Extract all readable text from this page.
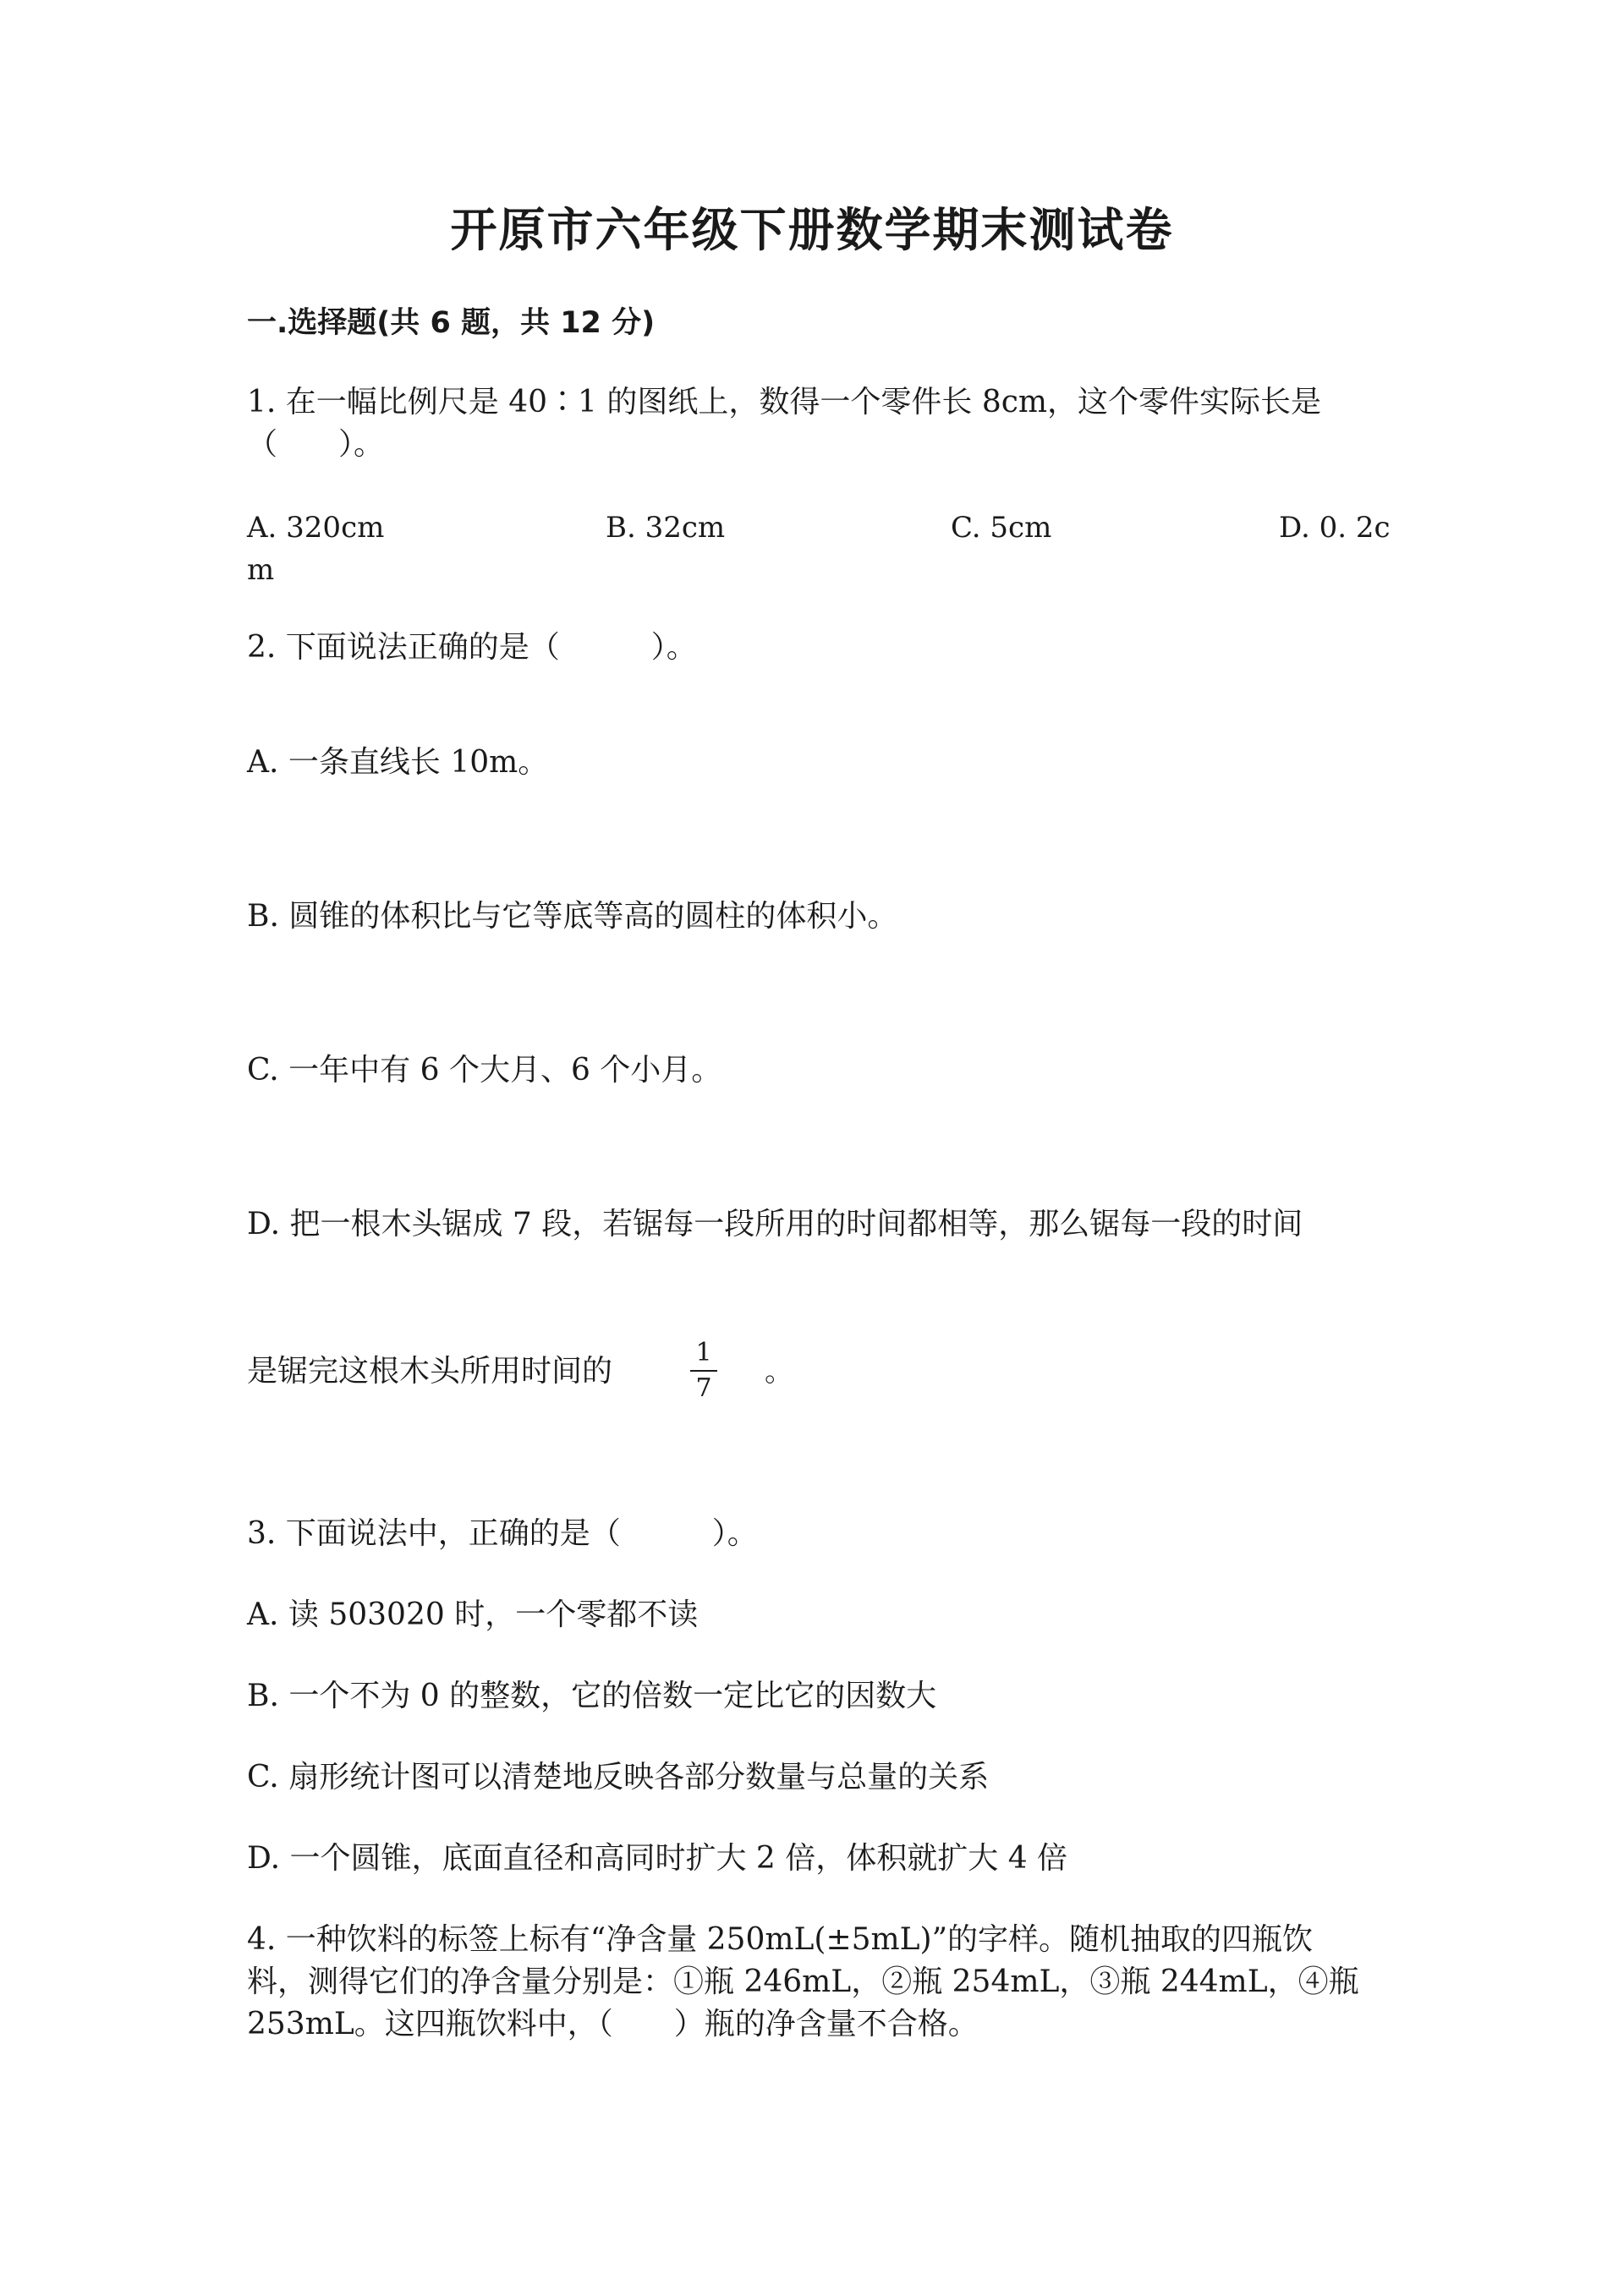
开原市六年级下册数学期末测试卷
一.选择题(共 6 题，共 12 分)
1. 在一幅比例尺是 40∶1 的图纸上，数得一个零件长 8cm，这个零件实际长是
（　　）。
A. 320cm	B. 32cm	C. 5cm	D. 0. 2c
m
2. 下面说法正确的是（　　　）。
A. 一条直线长 10m。
B. 圆锥的体积比与它等底等高的圆柱的体积小。
C. 一年中有 6 个大月、6 个小月。
D. 把一根木头锯成 7 段，若锯每一段所用的时间都相等，那么锯每一段的时间
是锯完这根木头所用时间的
1
7	。
3. 下面说法中，正确的是（　　　）。
A. 读 503020 时，一个零都不读
B. 一个不为 0 的整数，它的倍数一定比它的因数大
C. 扇形统计图可以清楚地反映各部分数量与总量的关系
D. 一个圆锥，底面直径和高同时扩大 2 倍，体积就扩大 4 倍
4. 一种饮料的标签上标有“净含量 250mL(±5mL)”的字样。随机抽取的四瓶饮
料，测得它们的净含量分别是：①瓶 246mL，②瓶 254mL，③瓶 244mL，④瓶
253mL。这四瓶饮料中，（　　）瓶的净含量不合格。
